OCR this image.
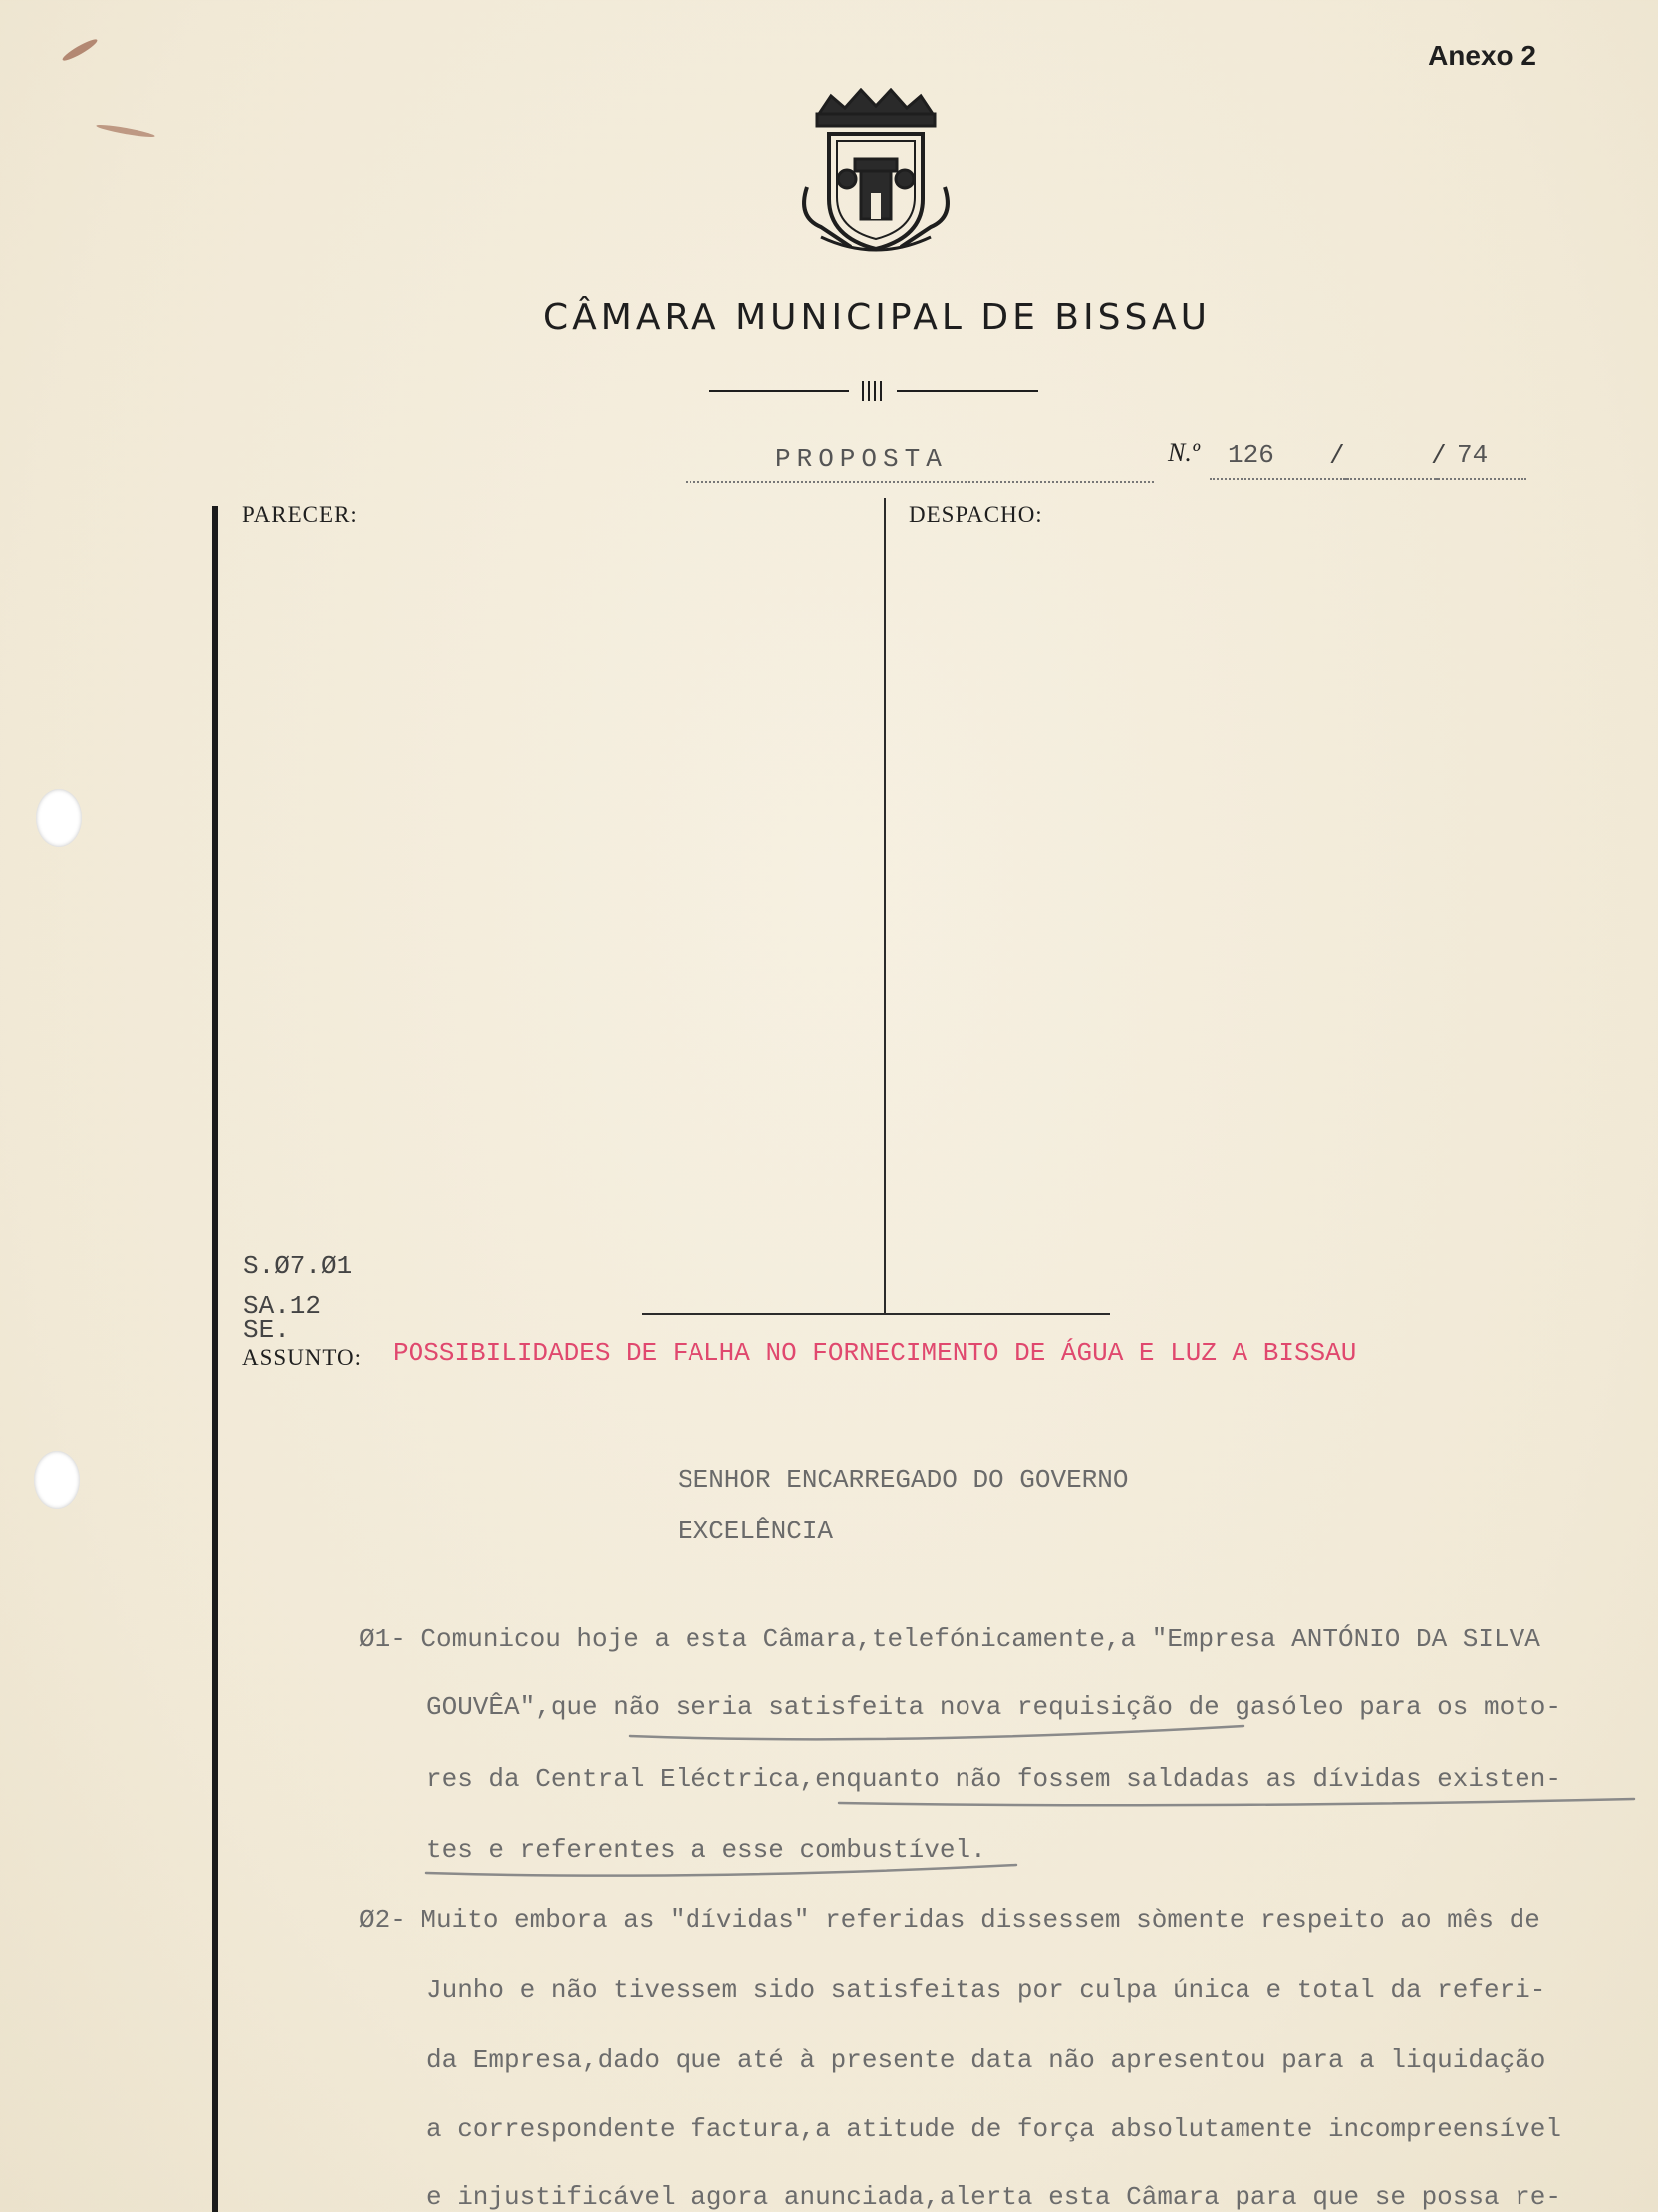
Anexo 2
CÂMARA MUNICIPAL DE BISSAU
PROPOSTA	N.º 126 /	/ 74
PARECER:	DESPACHO:
S.Ø7.Ø1
SA.12
SE.
ASSUNTO: POSSIBILIDADES DE FALHA NO FORNECIMENTO DE ÁGUA E LUZ A BISSAU
SENHOR ENCARREGADO DO GOVERNO
EXCELÊNCIA
Ø1- Comunicou hoje a esta Câmara,telefónicamente,a "Empresa ANTÓNIO DA SILVA
GOUVÊA",que não seria satisfeita nova requisição de gasóleo para os moto-
res da Central Eléctrica,enquanto não fossem saldadas as dívidas existen-
tes e referentes a esse combustível.
Ø2- Muito embora as "dívidas" referidas dissessem sòmente respeito ao mês de
Junho e não tivessem sido satisfeitas por culpa única e total da referi-
da Empresa,dado que até à presente data não apresentou para a liquidação
a correspondente factura,a atitude de força absolutamente incompreensível
e injustificável agora anunciada,alerta esta Câmara para que se possa re-
